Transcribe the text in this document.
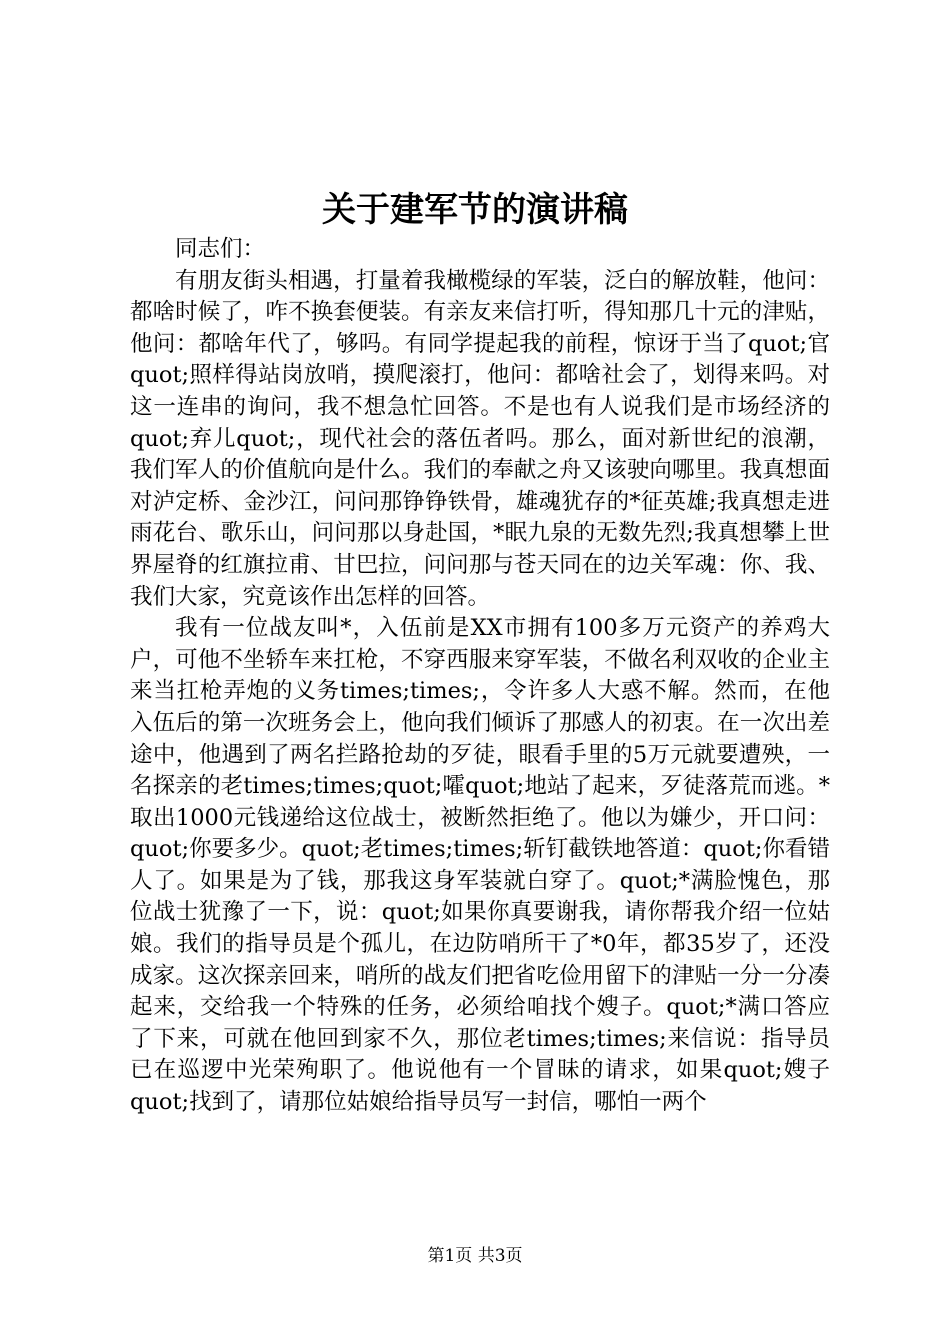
关于建军节的演讲稿

同志们：

有朋友街头相遇，打量着我橄榄绿的军装，泛白的解放鞋，他问：都啥时候了，咋不换套便装。有亲友来信打听，得知那几十元的津贴，他问：都啥年代了，够吗。有同学提起我的前程，惊讶于当了quot;官quot;照样得站岗放哨，摸爬滚打，他问：都啥社会了，划得来吗。对这一连串的询问，我不想急忙回答。不是也有人说我们是市场经济的quot;弃儿quot;，现代社会的落伍者吗。那么，面对新世纪的浪潮，我们军人的价值航向是什么。我们的奉献之舟又该驶向哪里。我真想面对泸定桥、金沙江，问问那铮铮铁骨，雄魂犹存的*征英雄;我真想走进雨花台、歌乐山，问问那以身赴国，*眠九泉的无数先烈;我真想攀上世界屋脊的红旗拉甫、甘巴拉，问问那与苍天同在的边关军魂：你、我、我们大家，究竟该作出怎样的回答。

我有一位战友叫*，入伍前是XX市拥有100多万元资产的养鸡大户，可他不坐轿车来扛枪，不穿西服来穿军装，不做名利双收的企业主来当扛枪弄炮的义务times;times;，令许多人大惑不解。然而，在他入伍后的第一次班务会上，他向我们倾诉了那感人的初衷。在一次出差途中，他遇到了两名拦路抢劫的歹徒，眼看手里的5万元就要遭殃，一名探亲的老times;times;quot;嚯quot;地站了起来，歹徒落荒而逃。*取出1000元钱递给这位战士，被断然拒绝了。他以为嫌少，开口问：quot;你要多少。quot;老times;times;斩钉截铁地答道：quot;你看错人了。如果是为了钱，那我这身军装就白穿了。quot;*满脸愧色，那位战士犹豫了一下，说：quot;如果你真要谢我，请你帮我介绍一位姑娘。我们的指导员是个孤儿，在边防哨所干了*0年，都35岁了，还没成家。这次探亲回来，哨所的战友们把省吃俭用留下的津贴一分一分凑起来，交给我一个特殊的任务，必须给咱找个嫂子。quot;*满口答应了下来，可就在他回到家不久，那位老times;times;来信说：指导员已在巡逻中光荣殉职了。他说他有一个冒昧的请求，如果quot;嫂子quot;找到了，请那位姑娘给指导员写一封信，哪怕一两个

第1页 共3页
